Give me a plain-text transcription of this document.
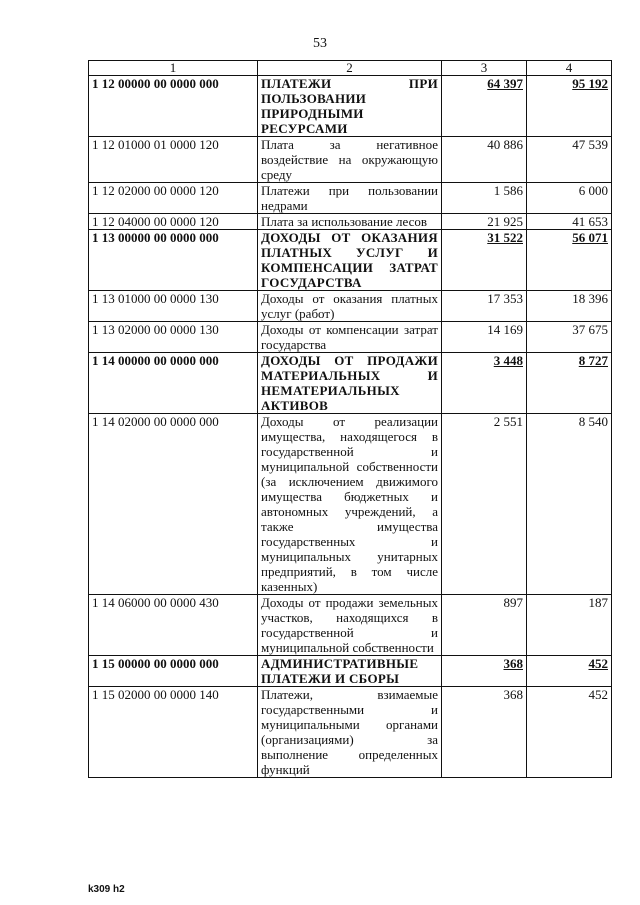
53
1	2	3	4
1 12 00000 00 0000 000	ПЛАТЕЖИ ПРИ ПОЛЬЗОВАНИИ ПРИРОДНЫМИ РЕСУРСАМИ	64 397	95 192
1 12 01000 01 0000 120	Плата за негативное воздействие на окружающую среду	40 886	47 539
1 12 02000 00 0000 120	Платежи при пользовании недрами	1 586	6 000
1 12 04000 00 0000 120	Плата за использование лесов	21 925	41 653
1 13 00000 00 0000 000	ДОХОДЫ ОТ ОКАЗАНИЯ ПЛАТНЫХ УСЛУГ И КОМПЕНСАЦИИ ЗАТРАТ ГОСУДАРСТВА	31 522	56 071
1 13 01000 00 0000 130	Доходы от оказания платных услуг (работ)	17 353	18 396
1 13 02000 00 0000 130	Доходы от компенсации затрат государства	14 169	37 675
1 14 00000 00 0000 000	ДОХОДЫ ОТ ПРОДАЖИ МАТЕРИАЛЬНЫХ И НЕМАТЕРИАЛЬНЫХ АКТИВОВ	3 448	8 727
1 14 02000 00 0000 000	Доходы от реализации имущества, находящегося в государственной и муниципальной собственности (за исключением движимого имущества бюджетных и автономных учреждений, а также имущества государственных и муниципальных унитарных предприятий, в том числе казенных)	2 551	8 540
1 14 06000 00 0000 430	Доходы от продажи земельных участков, находящихся в государственной и муниципальной собственности	897	187
1 15 00000 00 0000 000	АДМИНИСТРАТИВНЫЕ ПЛАТЕЖИ И СБОРЫ	368	452
1 15 02000 00 0000 140	Платежи, взимаемые государственными и муниципальными органами (организациями) за выполнение определенных функций	368	452
k309 h2
